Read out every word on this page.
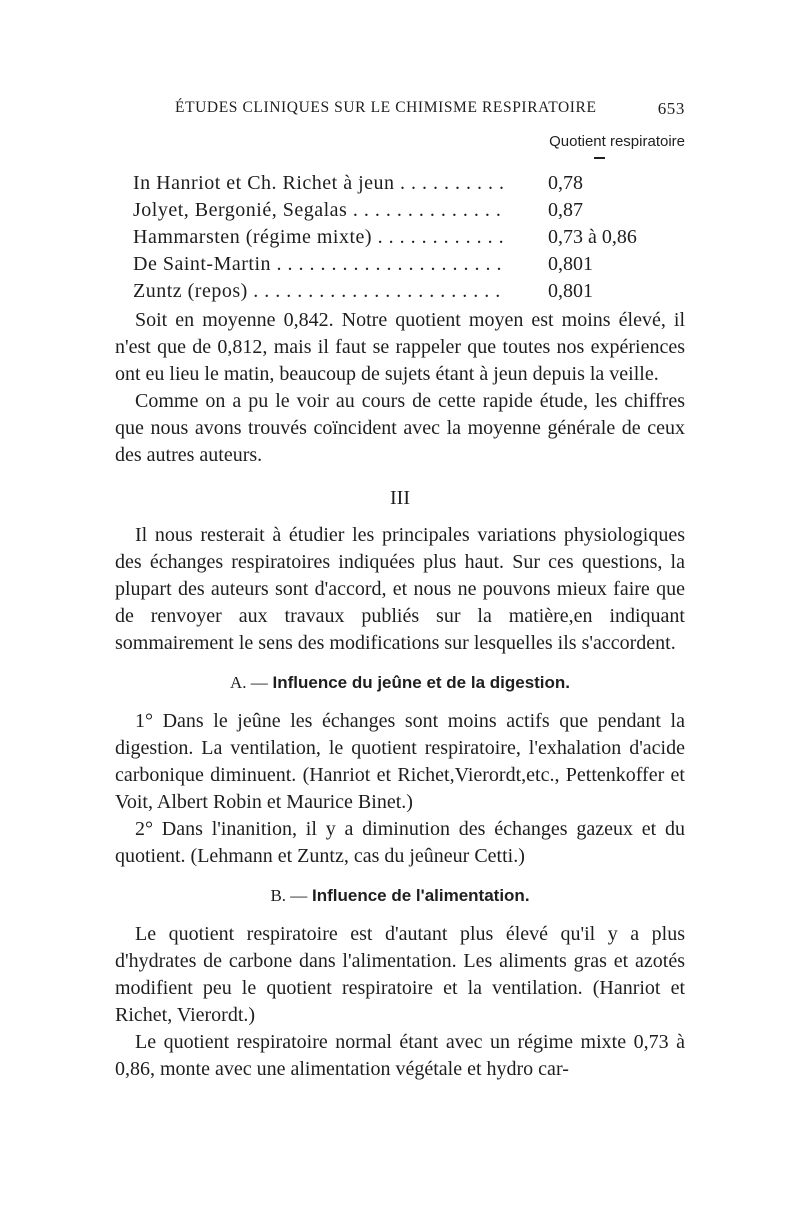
ÉTUDES CLINIQUES SUR LE CHIMISME RESPIRATOIRE	653
Quotient respiratoire
In Hanriot et Ch. Richet à jeun . . .	0,78
Jolyet, Bergonié, Segalas . . .	0,87
Hammarsten (régime mixte) . . .	0,73 à 0,86
De Saint-Martin . . .	0,801
Zuntz (repos) . . .	0,801

Soit en moyenne 0,842. Notre quotient moyen est moins élevé, il n'est que de 0,812, mais il faut se rappeler que toutes nos expériences ont eu lieu le matin, beaucoup de sujets étant à jeun depuis la veille.

Comme on a pu le voir au cours de cette rapide étude, les chiffres que nous avons trouvés coïncident avec la moyenne générale de ceux des autres auteurs.

III

Il nous resterait à étudier les principales variations physiologiques des échanges respiratoires indiquées plus haut. Sur ces questions, la plupart des auteurs sont d'accord, et nous ne pouvons mieux faire que de renvoyer aux travaux publiés sur la matière,en indiquant sommairement le sens des modifications sur lesquelles ils s'accordent.

A. — Influence du jeûne et de la digestion.

1° Dans le jeûne les échanges sont moins actifs que pendant la digestion. La ventilation, le quotient respiratoire, l'exhalation d'acide carbonique diminuent. (Hanriot et Richet,Vierordt,etc., Pettenkoffer et Voit, Albert Robin et Maurice Binet.)

2° Dans l'inanition, il y a diminution des échanges gazeux et du quotient. (Lehmann et Zuntz, cas du jeûneur Cetti.)

B. — Influence de l'alimentation.

Le quotient respiratoire est d'autant plus élevé qu'il y a plus d'hydrates de carbone dans l'alimentation. Les aliments gras et azotés modifient peu le quotient respiratoire et la ventilation. (Hanriot et Richet, Vierordt.)

Le quotient respiratoire normal étant avec un régime mixte 0,73 à 0,86, monte avec une alimentation végétale et hydro car-
